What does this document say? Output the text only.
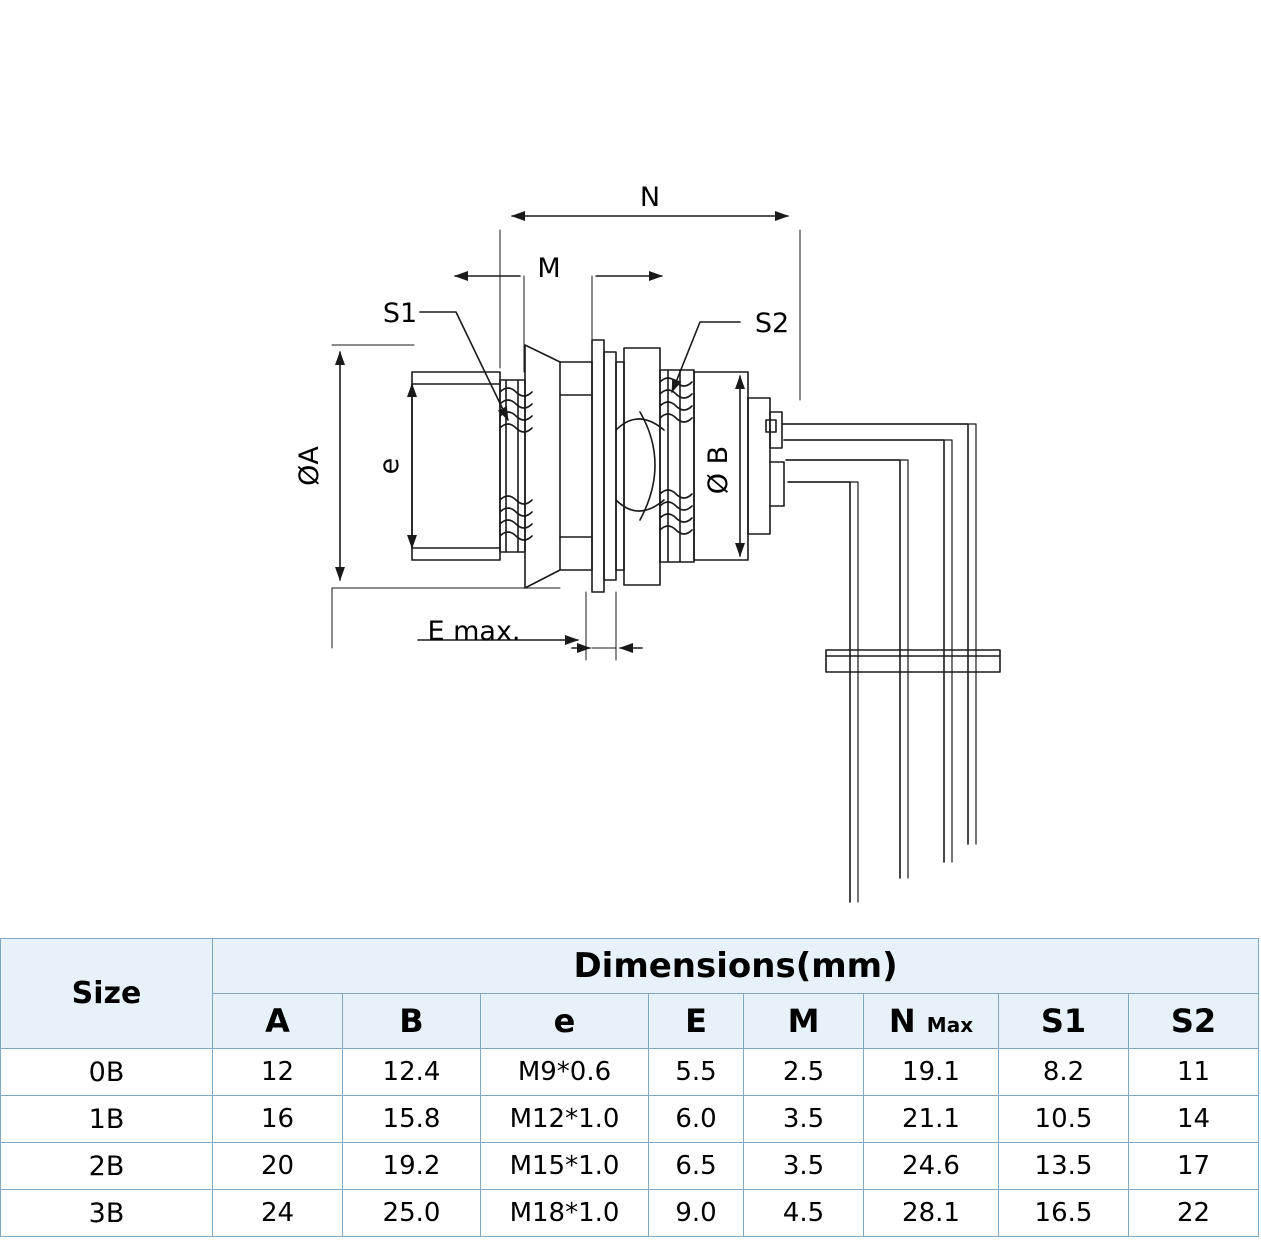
N
M
S1	S2
ØA e	Ø B
E max.
Size	Dimensions(mm)							
	A	B	e	E	M	N Max	S1	S2
0B	12	12.4	M9*0.6	5.5	2.5	19.1	8.2	11
1B	16	15.8	M12*1.0	6.0	3.5	21.1	10.5	14
2B	20	19.2	M15*1.0	6.5	3.5	24.6	13.5	17
3B	24	25.0	M18*1.0	9.0	4.5	28.1	16.5	22
